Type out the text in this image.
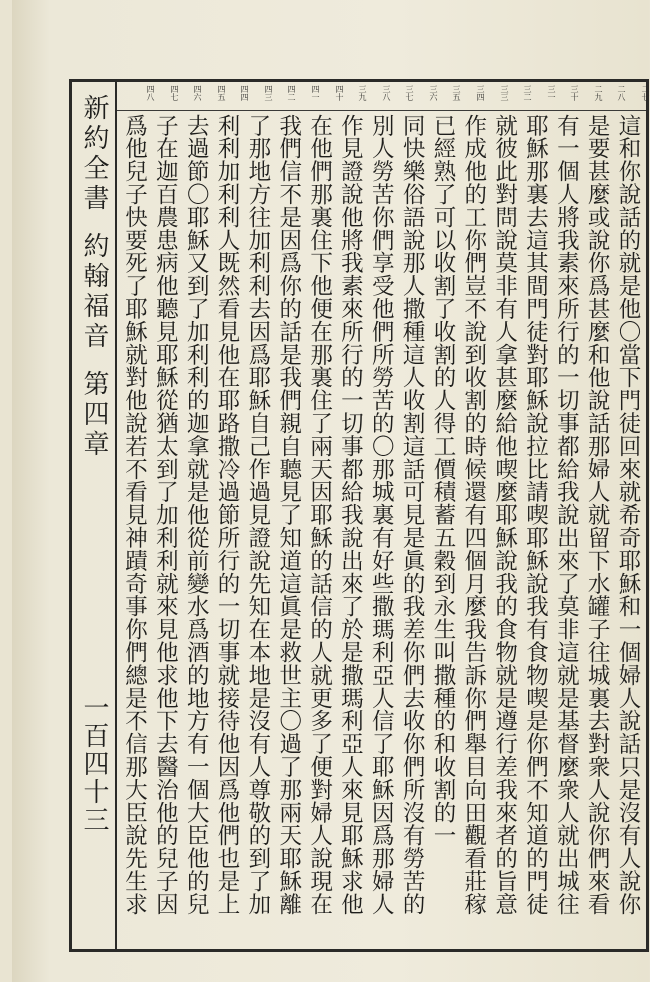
新約全書
約翰福音
第四章
一百四十三
二七
二八
二九
三十
三一
三二
三三
三四
三五
三六
三七
三八
三九
四十
四一
四二
四三
四四
四五
四六
四七
四八
這和你說話的就是他〇當下門徒回來就希奇耶穌和一個婦人說話只是沒有人說你
是要甚麼或說你爲甚麼和他說話那婦人就留下水罐子往城裏去對衆人說你們來看
有一個人將我素來所行的一切事都給我說出來了莫非這就是基督麼衆人就出城往
耶穌那裏去這其間門徒對耶穌說拉比請喫耶穌說我有食物喫是你們不知道的門徒
就彼此對問說莫非有人拿甚麼給他喫麼耶穌說我的食物就是遵行差我來者的旨意
作成他的工你們豈不說到收割的時候還有四個月麼我告訴你們舉目向田觀看莊稼
已經熟了可以收割了收割的人得工價積蓄五穀到永生叫撒種的和收割的一
同快樂俗語說那人撒種這人收割這話可見是眞的我差你們去收你們所沒有勞苦的
別人勞苦你們享受他們所勞苦的〇那城裏有好些撒瑪利亞人信了耶穌因爲那婦人
作見證說他將我素來所行的一切事都給我說出來了於是撒瑪利亞人來見耶穌求他
在他們那裏住下他便在那裏住了兩天因耶穌的話信的人就更多了便對婦人說現在
我們信不是因爲你的話是我們親自聽見了知道這眞是救世主〇過了那兩天耶穌離
了那地方往加利利去因爲耶穌自己作過見證說先知在本地是沒有人尊敬的到了加
利利加利利人既然看見他在耶路撒冷過節所行的一切事就接待他因爲他們也是上
去過節〇耶穌又到了加利利的迦拿就是他從前變水爲酒的地方有一個大臣他的兒
子在迦百農患病他聽見耶穌從猶太到了加利利就來見他求他下去醫治他的兒子因
爲他兒子快要死了耶穌就對他說若不看見神蹟奇事你們總是不信那大臣說先生求
